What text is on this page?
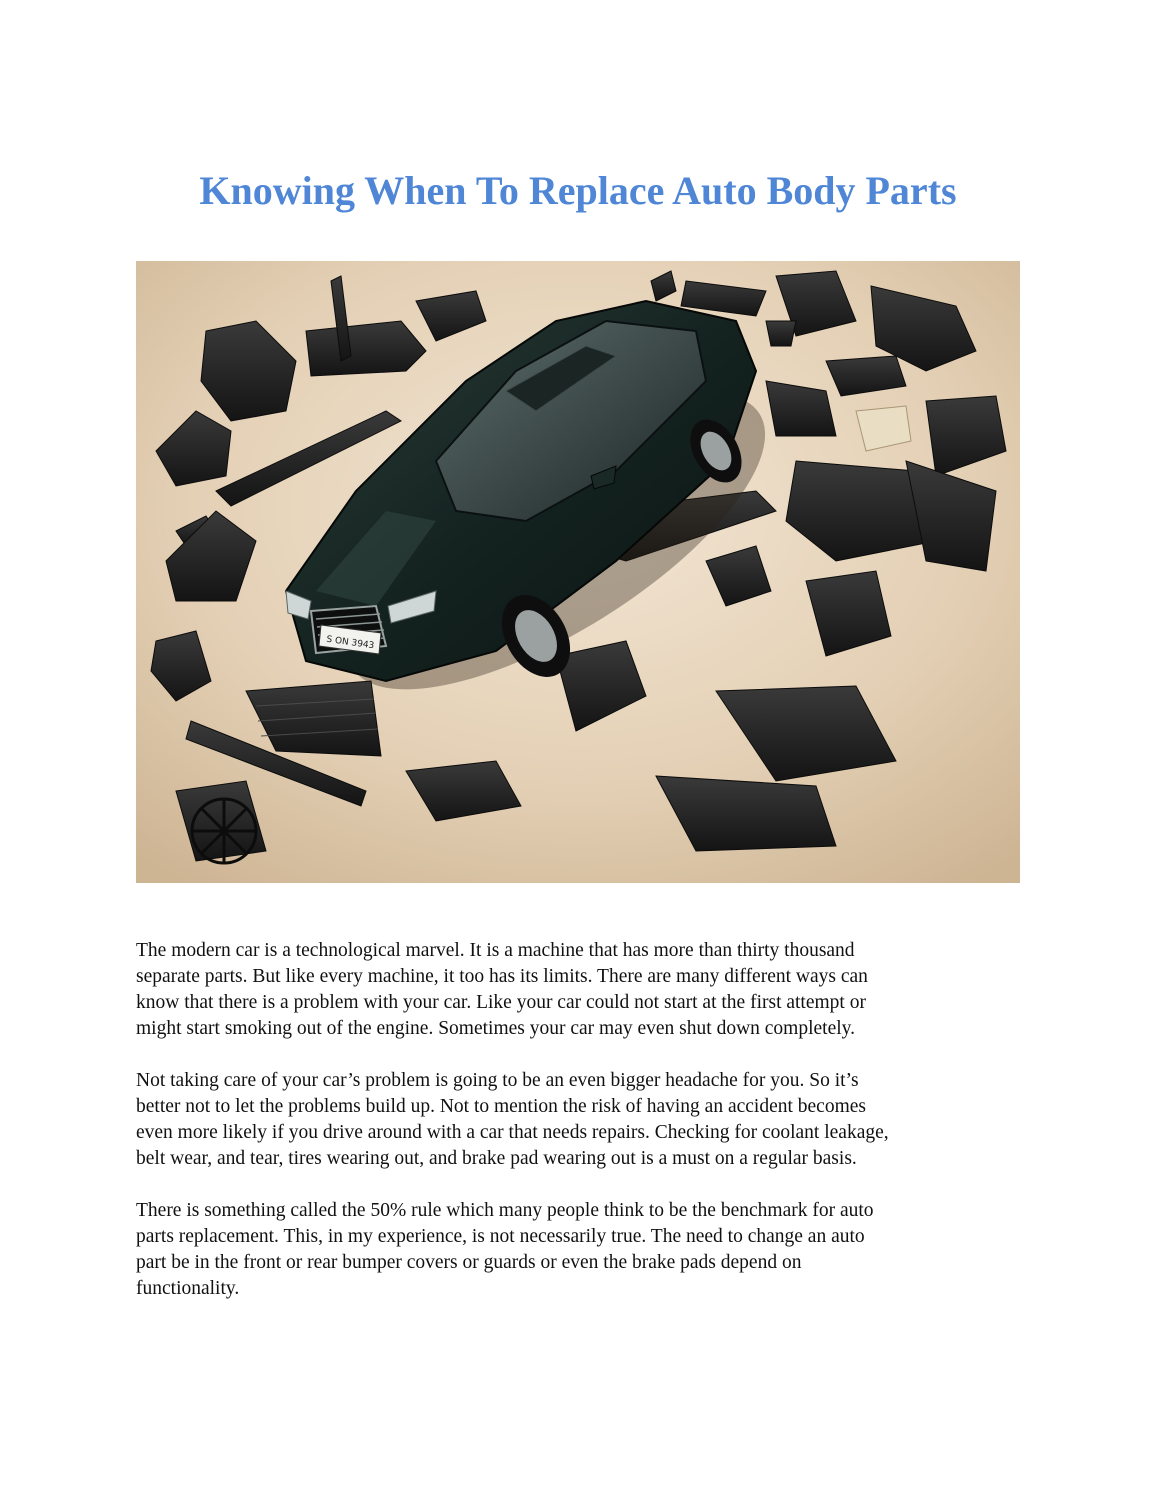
Knowing When To Replace Auto Body Parts
S ON 3943

The modern car is a technological marvel. It is a machine that has more than thirty thousand
separate parts. But like every machine, it too has its limits. There are many different ways can
know that there is a problem with your car. Like your car could not start at the first attempt or
might start smoking out of the engine. Sometimes your car may even shut down completely.

Not taking care of your car’s problem is going to be an even bigger headache for you. So it’s
better not to let the problems build up. Not to mention the risk of having an accident becomes
even more likely if you drive around with a car that needs repairs. Checking for coolant leakage,
belt wear, and tear, tires wearing out, and brake pad wearing out is a must on a regular basis.

There is something called the 50% rule which many people think to be the benchmark for auto
parts replacement. This, in my experience, is not necessarily true. The need to change an auto
part be in the front or rear bumper covers or guards or even the brake pads depend on
functionality.
